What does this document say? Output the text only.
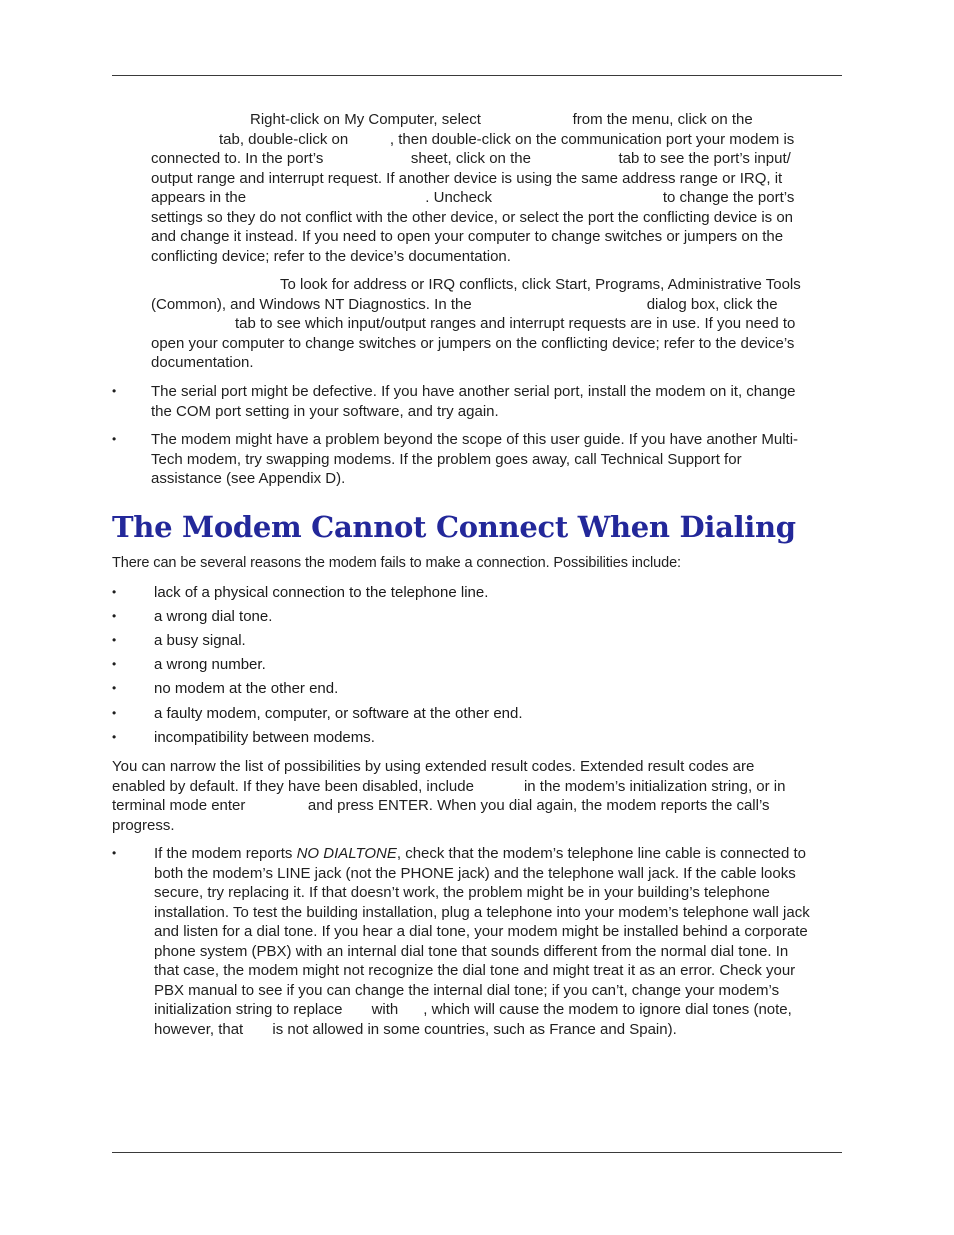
Right-click on My Computer, select                      from the menu, click on the
tab, double-click on          , then double-click on the communication port your modem is
connected to. In the port’s                     sheet, click on the                     tab to see the port’s input/
output range and interrupt request. If another device is using the same address range or IRQ, it
appears in the                                           . Uncheck                                         to change the port’s
settings so they do not conflict with the other device, or select the port the conflicting device is on
and change it instead. If you need to open your computer to change switches or jumpers on the
conflicting device; refer to the device’s documentation.
To look for address or IRQ conflicts, click Start, Programs, Administrative Tools
(Common), and Windows NT Diagnostics. In the                                          dialog box, click the
tab to see which input/output ranges and interrupt requests are in use. If you need to
open your computer to change switches or jumpers on the conflicting device; refer to the device’s
documentation.
• The serial port might be defective. If you have another serial port, install the modem on it, change
the COM port setting in your software, and try again.
• The modem might have a problem beyond the scope of this user guide. If you have another Multi-
Tech modem, try swapping modems. If the problem goes away, call Technical Support for
assistance (see Appendix D).
The Modem Cannot Connect When Dialing
There can be several reasons the modem fails to make a connection. Possibilities include:
•	lack of a physical connection to the telephone line.
•	a wrong dial tone.
•	a busy signal.
•	a wrong number.
•	no modem at the other end.
•	a faulty modem, computer, or software at the other end.
•	incompatibility between modems.
You can narrow the list of possibilities by using extended result codes. Extended result codes are
enabled by default. If they have been disabled, include            in the modem’s initialization string, or in
terminal mode enter               and press ENTER. When you dial again, the modem reports the call’s
progress.
•	If the modem reports NO DIALTONE, check that the modem’s telephone line cable is connected to
both the modem’s LINE jack (not the PHONE jack) and the telephone wall jack. If the cable looks
secure, try replacing it. If that doesn’t work, the problem might be in your building’s telephone
installation. To test the building installation, plug a telephone into your modem’s telephone wall jack
and listen for a dial tone. If you hear a dial tone, your modem might be installed behind a corporate
phone system (PBX) with an internal dial tone that sounds different from the normal dial tone. In
that case, the modem might not recognize the dial tone and might treat it as an error. Check your
PBX manual to see if you can change the internal dial tone; if you can’t, change your modem’s
initialization string to replace       with      , which will cause the modem to ignore dial tones (note,
however, that       is not allowed in some countries, such as France and Spain).
